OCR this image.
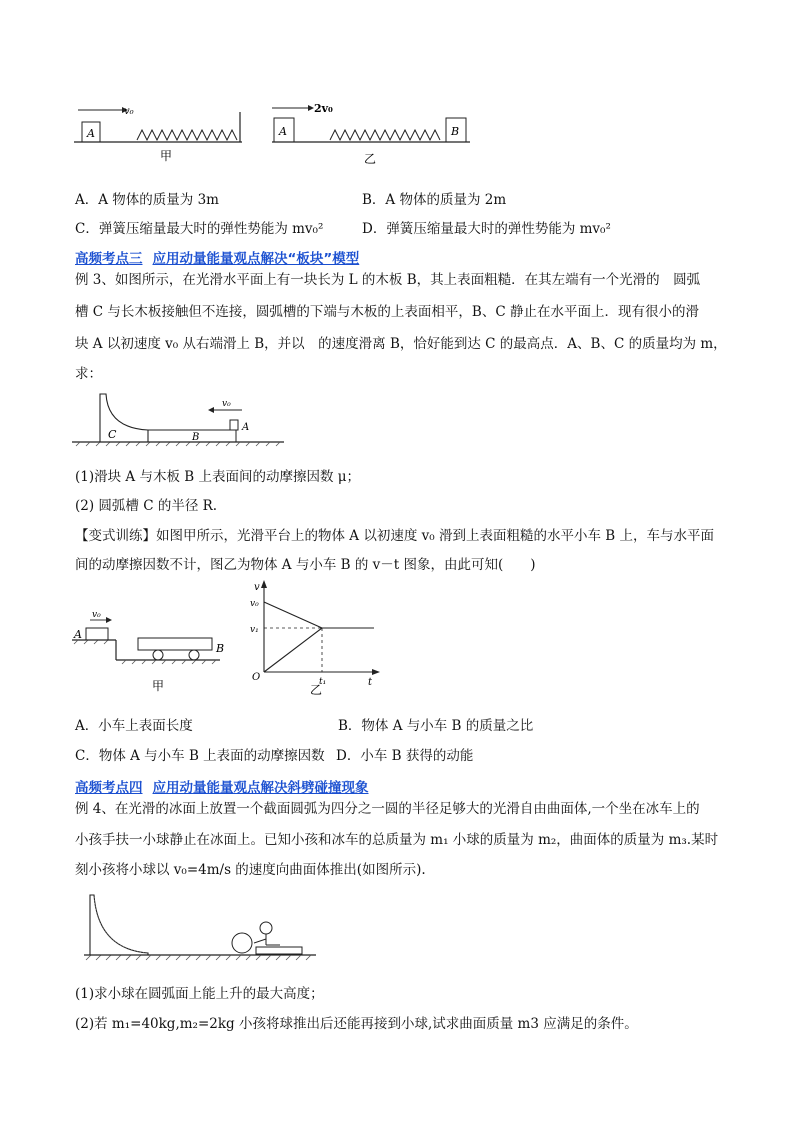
A
v₀
甲
A	B
2v₀
乙
A．A 物体的质量为 3m	B．A 物体的质量为 2m
C．弹簧压缩量最大时的弹性势能为 mv₀²	D．弹簧压缩量最大时的弹性势能为 mv₀²
高频考点三 应用动量能量观点解决“板块”模型
例 3、如图所示，在光滑水平面上有一块长为 L 的木板 B，其上表面粗糙．在其左端有一个光滑的　圆弧
槽 C 与长木板接触但不连接，圆弧槽的下端与木板的上表面相平，B、C 静止在水平面上．现有很小的滑
块 A 以初速度 v₀ 从右端滑上 B，并以　的速度滑离 B，恰好能到达 C 的最高点．A、B、C 的质量均为 m，
求：
C	B
A
v₀
(1)滑块 A 与木板 B 上表面间的动摩擦因数 μ；
(2) 圆弧槽 C 的半径 R.
【变式训练】如图甲所示，光滑平台上的物体 A 以初速度 v₀ 滑到上表面粗糙的水平小车 B 上，车与水平面
间的动摩擦因数不计，图乙为物体 A 与小车 B 的 v－t 图象，由此可知(　　)
A
v₀
B
甲
v
t
v₀
v₁
O	t₁
乙
A．小车上表面长度	B．物体 A 与小车 B 的质量之比
C．物体 A 与小车 B 上表面的动摩擦因数 D．小车 B 获得的动能
高频考点四 应用动量能量观点解决斜劈碰撞现象
例 4、在光滑的冰面上放置一个截面圆弧为四分之一圆的半径足够大的光滑自由曲面体,一个坐在冰车上的
小孩手扶一小球静止在冰面上。已知小孩和冰车的总质量为 m₁ 小球的质量为 m₂，曲面体的质量为 m₃.某时
刻小孩将小球以 v₀=4m/s 的速度向曲面体推出(如图所示).
(1)求小球在圆弧面上能上升的最大高度；
(2)若 m₁=40kg,m₂=2kg 小孩将球推出后还能再接到小球,试求曲面质量 m3 应满足的条件。
